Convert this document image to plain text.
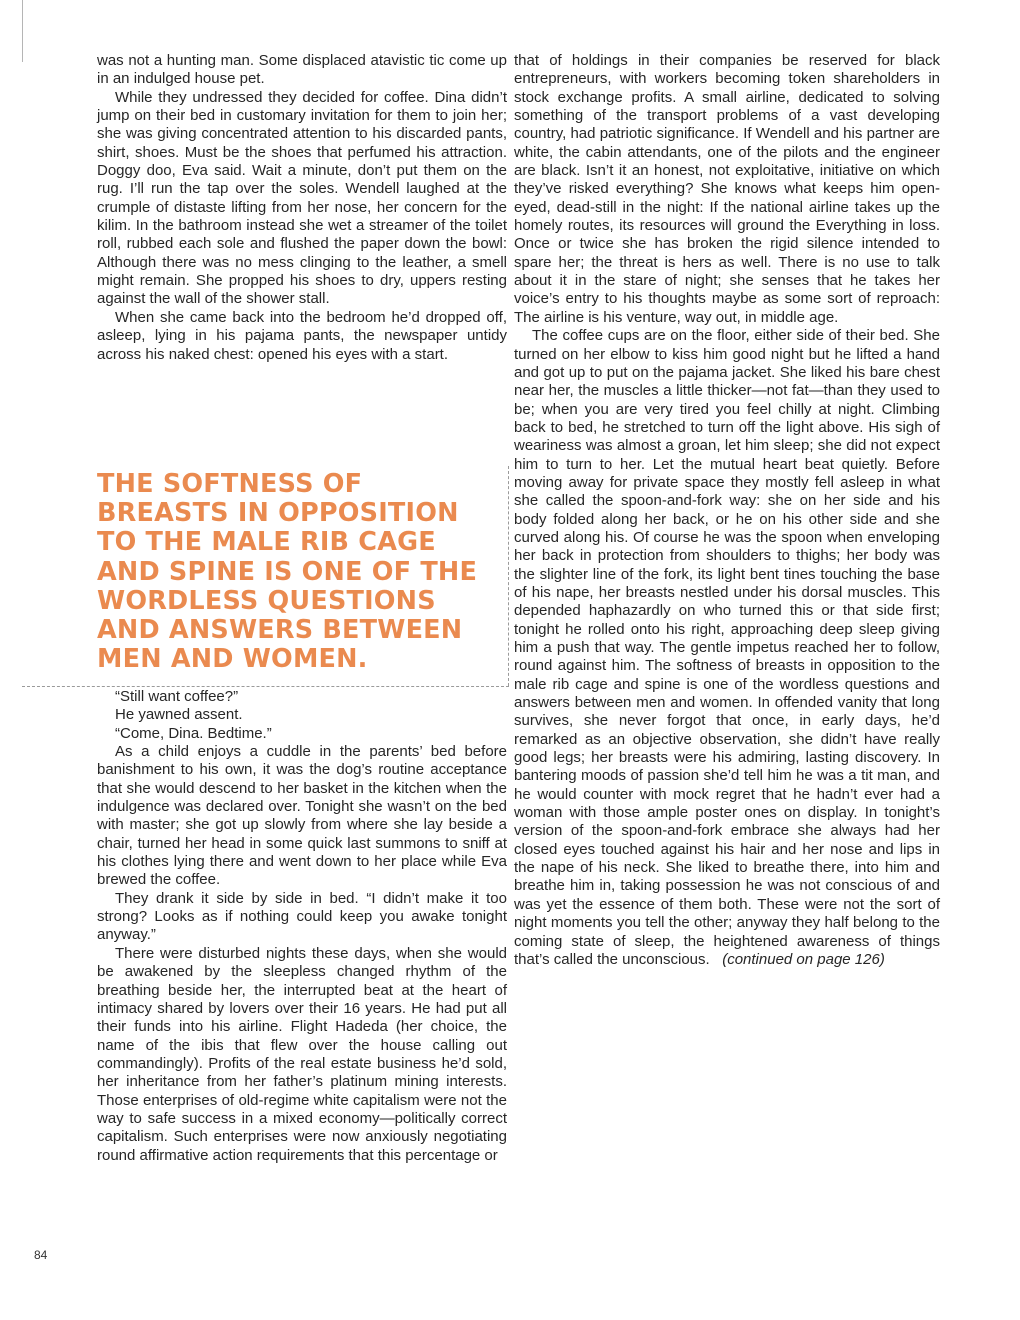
was not a hunting man. Some displaced atavistic tic come up in an indulged house pet.

While they undressed they decided for coffee. Dina didn’t jump on their bed in customary invitation for them to join her; she was giving concentrated attention to his discarded pants, shirt, shoes. Must be the shoes that perfumed his attraction. Doggy doo, Eva said. Wait a minute, don’t put them on the rug. I’ll run the tap over the soles. Wendell laughed at the crumple of distaste lifting from her nose, her concern for the kilim. In the bathroom instead she wet a streamer of the toilet roll, rubbed each sole and flushed the paper down the bowl: Although there was no mess clinging to the leather, a smell might remain. She propped his shoes to dry, uppers resting against the wall of the shower stall.

When she came back into the bedroom he’d dropped off, asleep, lying in his pajama pants, the newspaper untidy across his naked chest: opened his eyes with a start.

THE SOFTNESS OF BREASTS IN OPPOSITION TO THE MALE RIB CAGE AND SPINE IS ONE OF THE WORDLESS QUESTIONS AND ANSWERS BETWEEN MEN AND WOMEN.

“Still want coffee?”

He yawned assent.

“Come, Dina. Bedtime.”

As a child enjoys a cuddle in the parents’ bed before banishment to his own, it was the dog’s routine acceptance that she would descend to her basket in the kitchen when the indulgence was declared over. Tonight she wasn’t on the bed with master; she got up slowly from where she lay beside a chair, turned her head in some quick last summons to sniff at his clothes lying there and went down to her place while Eva brewed the coffee.

They drank it side by side in bed. “I didn’t make it too strong? Looks as if nothing could keep you awake tonight anyway.”

There were disturbed nights these days, when she would be awakened by the sleepless changed rhythm of the breathing beside her, the interrupted beat at the heart of intimacy shared by lovers over their 16 years. He had put all their funds into his airline. Flight Hadeda (her choice, the name of the ibis that flew over the house calling out commandingly). Profits of the real estate business he’d sold, her inheritance from her father’s platinum mining interests. Those enterprises of old-regime white capitalism were not the way to safe success in a mixed economy—politically correct capitalism. Such enterprises were now anxiously negotiating round affirmative action requirements that this percentage or

that of holdings in their companies be reserved for black entrepreneurs, with workers becoming token shareholders in stock exchange profits. A small airline, dedicated to solving something of the transport problems of a vast developing country, had patriotic significance. If Wendell and his partner are white, the cabin attendants, one of the pilots and the engineer are black. Isn’t it an honest, not exploitative, initiative on which they’ve risked everything? She knows what keeps him open-eyed, dead-still in the night: If the national airline takes up the homely routes, its resources will ground the Everything in loss. Once or twice she has broken the rigid silence intended to spare her; the threat is hers as well. There is no use to talk about it in the stare of night; she senses that he takes her voice’s entry to his thoughts maybe as some sort of reproach: The airline is his venture, way out, in middle age.

The coffee cups are on the floor, either side of their bed. She turned on her elbow to kiss him good night but he lifted a hand and got up to put on the pajama jacket. She liked his bare chest near her, the muscles a little thicker—not fat—than they used to be; when you are very tired you feel chilly at night. Climbing back to bed, he stretched to turn off the light above. His sigh of weariness was almost a groan, let him sleep; she did not expect him to turn to her. Let the mutual heart beat quietly. Before moving away for private space they mostly fell asleep in what she called the spoon-and-fork way: she on her side and his body folded along her back, or he on his other side and she curved along his. Of course he was the spoon when enveloping her back in protection from shoulders to thighs; her body was the slighter line of the fork, its light bent tines touching the base of his nape, her breasts nestled under his dorsal muscles. This depended haphazardly on who turned this or that side first; tonight he rolled onto his right, approaching deep sleep giving him a push that way. The gentle impetus reached her to follow, round against him. The softness of breasts in opposition to the male rib cage and spine is one of the wordless questions and answers between men and women. In offended vanity that long survives, she never forgot that once, in early days, he’d remarked as an objective observation, she didn’t have really good legs; her breasts were his admiring, lasting discovery. In bantering moods of passion she’d tell him he was a tit man, and he would counter with mock regret that he hadn’t ever had a woman with those ample poster ones on display. In tonight’s version of the spoon-and-fork embrace she always had her closed eyes touched against his hair and her nose and lips in the nape of his neck. She liked to breathe there, into him and breathe him in, taking possession he was not conscious of and was yet the essence of them both. These were not the sort of night moments you tell the other; anyway they half belong to the coming state of sleep, the heightened awareness of things that’s called the unconscious. (continued on page 126)

84
